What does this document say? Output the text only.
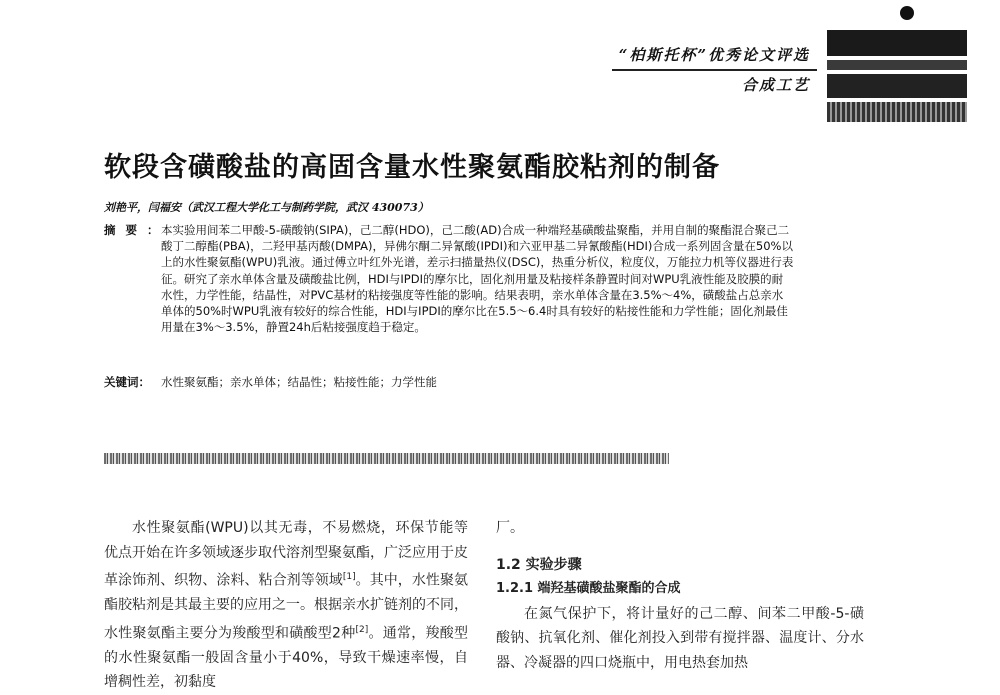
“柏斯托杯”优秀论文评选
合成工艺
软段含磺酸盐的高固含量水性聚氨酯胶粘剂的制备
刘艳平，闫福安（武汉工程大学化工与制药学院，武汉 430073）
摘要：
本实验用间苯二甲酸-5-磺酸钠(SIPA)，己二醇(HDO)，己二酸(AD)合成一种端羟基磺酸盐聚酯，并用自制的聚酯混合聚己二酸丁二醇酯(PBA)，二羟甲基丙酸(DMPA)，异佛尔酮二异氰酸(IPDI)和六亚甲基二异氰酸酯(HDI)合成一系列固含量在50%以上的水性聚氨酯(WPU)乳液。通过傅立叶红外光谱，差示扫描量热仪(DSC)，热重分析仪，粒度仪，万能拉力机等仪器进行表征。研究了亲水单体含量及磺酸盐比例，HDI与IPDI的摩尔比，固化剂用量及粘接样条静置时间对WPU乳液性能及胶膜的耐水性，力学性能，结晶性，对PVC基材的粘接强度等性能的影响。结果表明，亲水单体含量在3.5%～4%，磺酸盐占总亲水单体的50%时WPU乳液有较好的综合性能，HDI与IPDI的摩尔比在5.5～6.4时具有较好的粘接性能和力学性能；固化剂最佳用量在3%～3.5%，静置24h后粘接强度趋于稳定。
关键词： 水性聚氨酯；亲水单体；结晶性；粘接性能；力学性能

水性聚氨酯(WPU)以其无毒，不易燃烧，环保节能等优点开始在许多领域逐步取代溶剂型聚氨酯，广泛应用于皮革涂饰剂、织物、涂料、粘合剂等领域[1]。其中，水性聚氨酯胶粘剂是其最主要的应用之一。根据亲水扩链剂的不同，水性聚氨酯主要分为羧酸型和磺酸型2种[2]。通常，羧酸型的水性聚氨酯一般固含量小于40%，导致干燥速率慢，自增稠性差，初黏度

厂。

1.2 实验步骤

1.2.1 端羟基磺酸盐聚酯的合成

在氮气保护下，将计量好的己二醇、间苯二甲酸-5-磺酸钠、抗氧化剂、催化剂投入到带有搅拌器、温度计、分水器、冷凝器的四口烧瓶中，用电热套加热
